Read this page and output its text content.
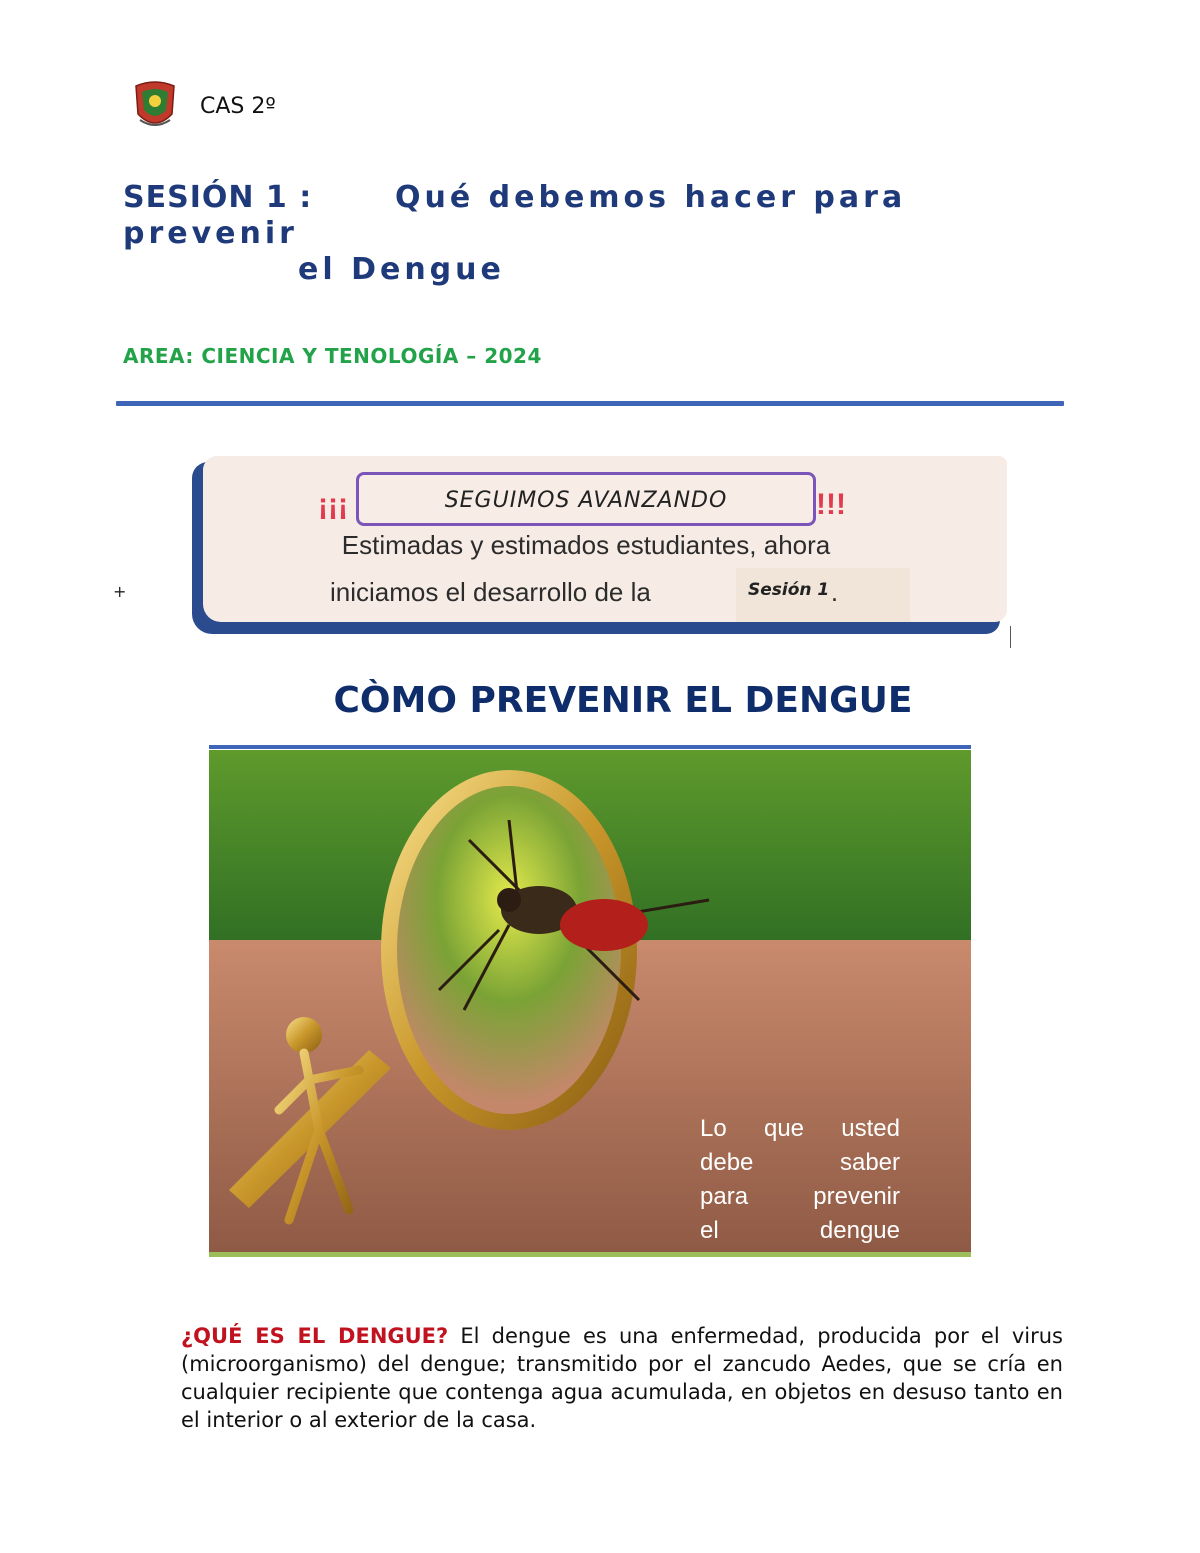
CAS 2º
SESIÓN 1 :	Qué debemos hacer para
prevenir
el Dengue
AREA: CIENCIA Y TENOLOGÍA – 2024
+
¡¡¡	SEGUIMOS AVANZANDO	!!!
Estimadas y estimados estudiantes, ahora
iniciamos el desarrollo de la	.
Sesión 1
CÒMO PREVENIR EL DENGUE
Lo que usted
debe saber
para prevenir
el dengue
¿QUÉ ES EL DENGUE? El dengue es una enfermedad, producida por el virus (microorganismo) del dengue; transmitido por el zancudo Aedes, que se cría en cualquier recipiente que contenga agua acumulada, en objetos en desuso tanto en el interior o al exterior de la casa.
